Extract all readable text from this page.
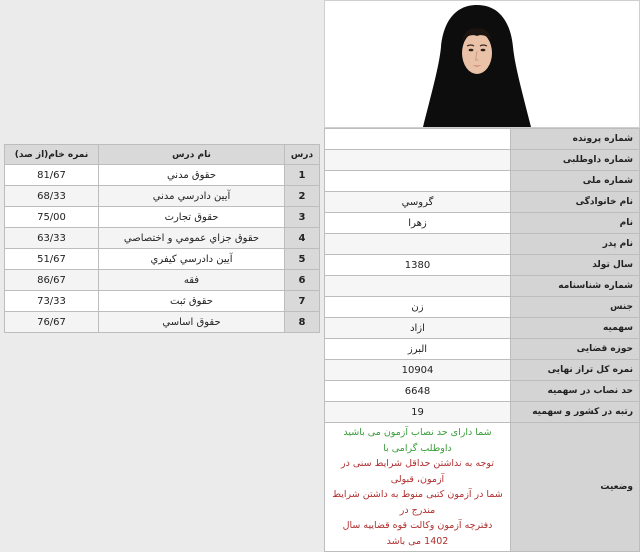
درس	نام درس	نمره خام(از صد)
1	حقوق مدني	81/67
2	آيين دادرسي مدني	68/33
3	حقوق تجارت	75/00
4	حقوق جزاي عمومي و اختصاصي	63/33
5	آيين دادرسي كيفري	51/67
6	فقه	86/67
7	حقوق ثبت	73/33
8	حقوق اساسي	76/67
شماره پرونده	
شماره داوطلبی	
شماره ملی	
نام خانوادگی	گروسي
نام	زهرا
نام پدر	
سال تولد	1380
شماره شناسنامه	
جنس	زن
سهمیه	ازاد
حوزه قضایی	البرز
نمره کل تراز نهایی	10904
حد نصاب در سهمیه	6648
رتبه در کشور و سهمیه	19
وضعیت	شما دارای حد نصاب آزمون می باشید داوطلب گرامی با
توجه به نداشتن حداقل شرایط سنی در آزمون، قبولی
شما در آزمون کتبی منوط به داشتن شرایط مندرج در
دفترچه آزمون وکالت قوه قضاییه سال 1402 می باشد
